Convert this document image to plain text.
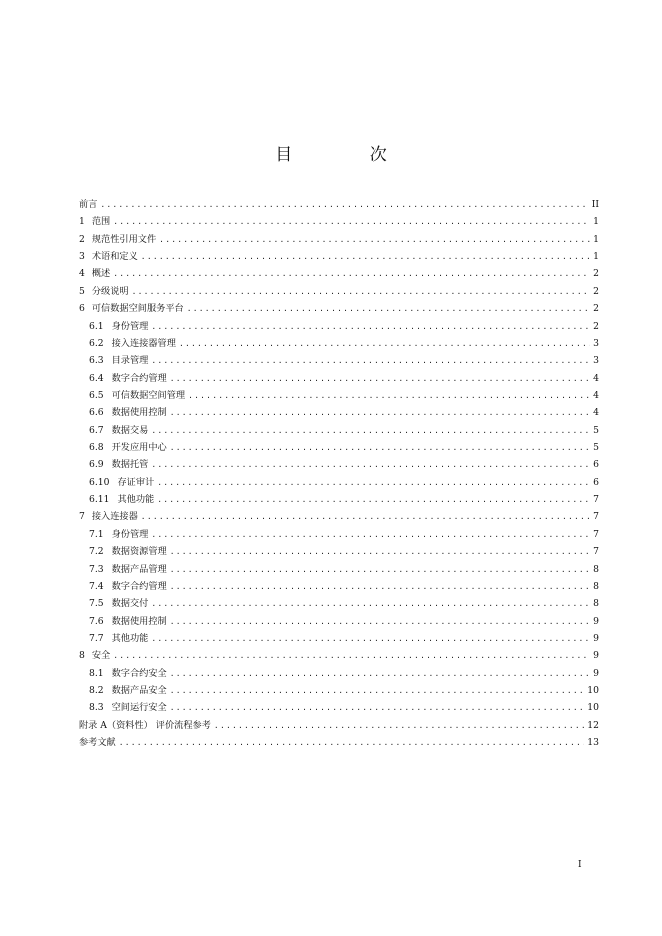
目 次
前言 .....	II
1 范围 .....	1
2 规范性引用文件 .....	1
3 术语和定义 .....	1
4 概述 .....	2
5 分级说明 .....	2
6 可信数据空间服务平台 .....	2
6.1 身份管理 .....	2
6.2 接入连接器管理 .....	3
6.3 目录管理 .....	3
6.4 数字合约管理 .....	4
6.5 可信数据空间管理 .....	4
6.6 数据使用控制 .....	4
6.7 数据交易 .....	5
6.8 开发应用中心 .....	5
6.9 数据托管 .....	6
6.10 存证审计 .....	6
6.11 其他功能 .....	7
7 接入连接器 .....	7
7.1 身份管理 .....	7
7.2 数据资源管理 .....	7
7.3 数据产品管理 .....	8
7.4 数字合约管理 .....	8
7.5 数据交付 .....	8
7.6 数据使用控制 .....	9
7.7 其他功能 .....	9
8 安全 .....	9
8.1 数字合约安全 .....	9
8.2 数据产品安全 .....	10
8.3 空间运行安全 .....	10
附录 A（资料性） 评价流程参考 .....	12
参考文献 .....	13
I
